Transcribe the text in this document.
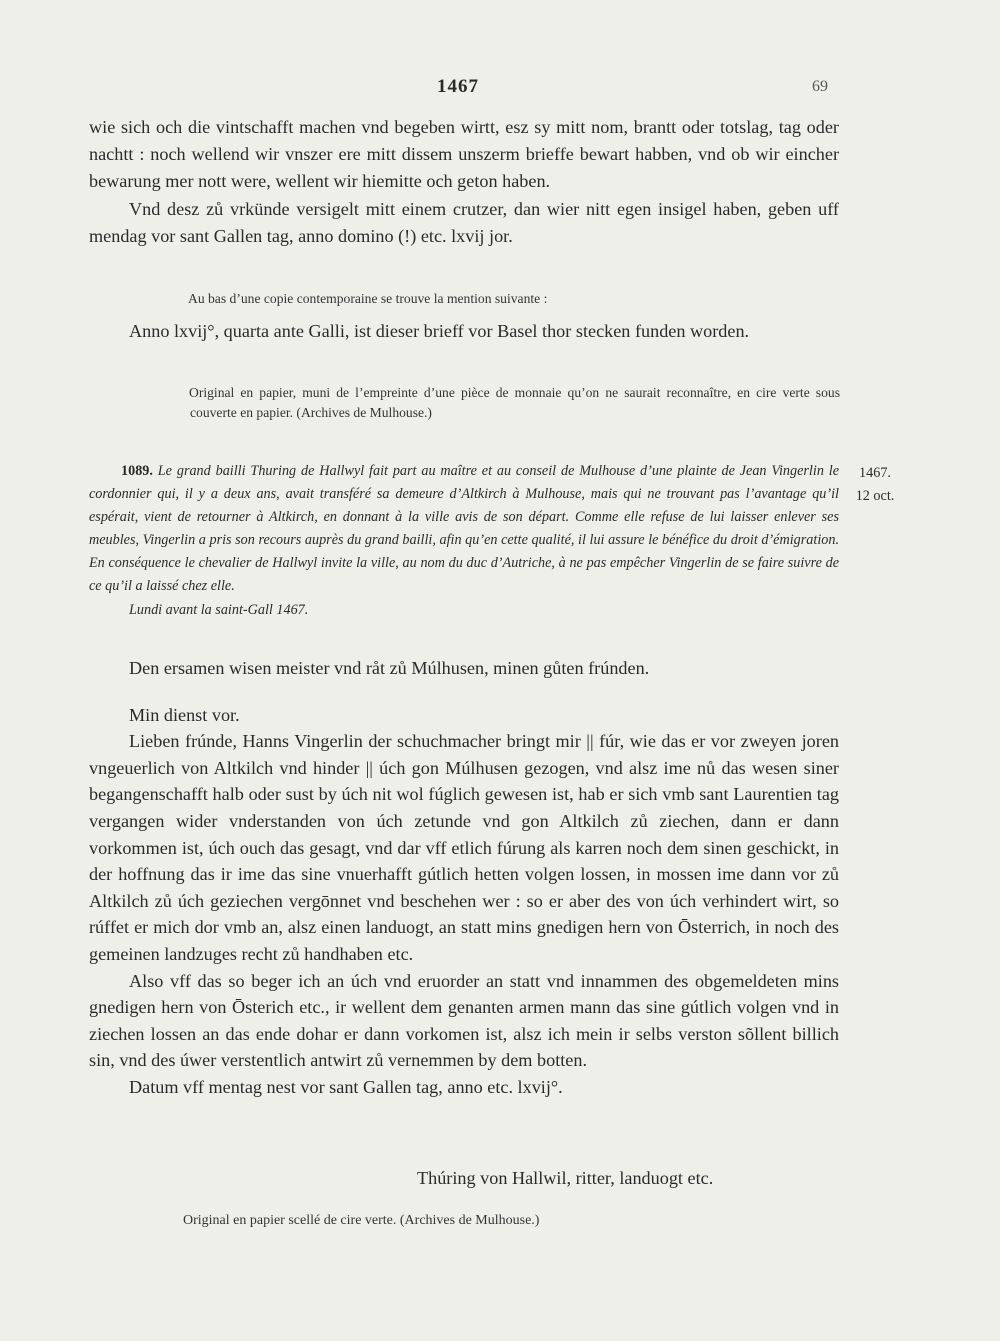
1467	69

wie sich och die vintschafft machen vnd begeben wirtt, esz sy mitt nom, brantt oder totslag, tag oder nachtt : noch wellend wir vnszer ere mitt dissem unszerm brieffe bewart habben, vnd ob wir eincher bewarung mer nott were, wellent wir hiemitte och geton haben.

Vnd desz zů vrkünde versigelt mitt einem crutzer, dan wier nitt egen insigel haben, geben uff mendag vor sant Gallen tag, anno domino (!) etc. lxvij jor.

Au bas d’une copie contemporaine se trouve la mention suivante :

Anno lxvij°, quarta ante Galli, ist dieser brieff vor Basel thor stecken funden worden.

Original en papier, muni de l’empreinte d’une pièce de monnaie qu’on ne saurait reconnaître, en cire verte sous couverte en papier. (Archives de Mulhouse.)

1089. Le grand bailli Thuring de Hallwyl fait part au maître et au conseil de Mulhouse d’une plainte de Jean Vingerlin le cordonnier qui, il y a deux ans, avait transféré sa demeure d’Altkirch à Mulhouse, mais qui ne trouvant pas l’avantage qu’il espérait, vient de retourner à Altkirch, en donnant à la ville avis de son départ. Comme elle refuse de lui laisser enlever ses meubles, Vingerlin a pris son recours auprès du grand bailli, afin qu’en cette qualité, il lui assure le bénéfice du droit d’émigration. En conséquence le chevalier de Hallwyl invite la ville, au nom du duc d’Autriche, à ne pas empêcher Vingerlin de se faire suivre de ce qu’il a laissé chez elle.

Lundi avant la saint-Gall 1467.

1467.
12 oct.

Den ersamen wisen meister vnd råt zů Múlhusen, minen gůten frúnden.

Min dienst vor.

Lieben frúnde, Hanns Vingerlin der schuchmacher bringt mir || fúr, wie das er vor zweyen joren vngeuerlich von Altkilch vnd hinder || úch gon Múlhusen gezogen, vnd alsz ime nů das wesen siner begangenschafft halb oder sust by úch nit wol fúglich gewesen ist, hab er sich vmb sant Laurentien tag vergangen wider vnderstanden von úch zetunde vnd gon Altkilch zů ziechen, dann er dann vorkommen ist, úch ouch das gesagt, vnd dar vff etlich fúrung als karren noch dem sinen geschickt, in der hoffnung das ir ime das sine vnuerhafft gútlich hetten volgen lossen, in mossen ime dann vor zů Altkilch zů úch geziechen vergōnnet vnd beschehen wer : so er aber des von úch verhindert wirt, so rúffet er mich dor vmb an, alsz einen landuogt, an statt mins gnedigen hern von Ōsterrich, in noch des gemeinen landzuges recht zů handhaben etc.

Also vff das so beger ich an úch vnd eruorder an statt vnd innammen des obgemeldeten mins gnedigen hern von Ōsterich etc., ir wellent dem genanten armen mann das sine gútlich volgen vnd in ziechen lossen an das ende dohar er dann vorkomen ist, alsz ich mein ir selbs verston sõllent billich sin, vnd des úwer verstentlich antwirt zů vernemmen by dem botten.

Datum vff mentag nest vor sant Gallen tag, anno etc. lxvij°.

Thúring von Hallwil, ritter, landuogt etc.
Original en papier scellé de cire verte. (Archives de Mulhouse.)
